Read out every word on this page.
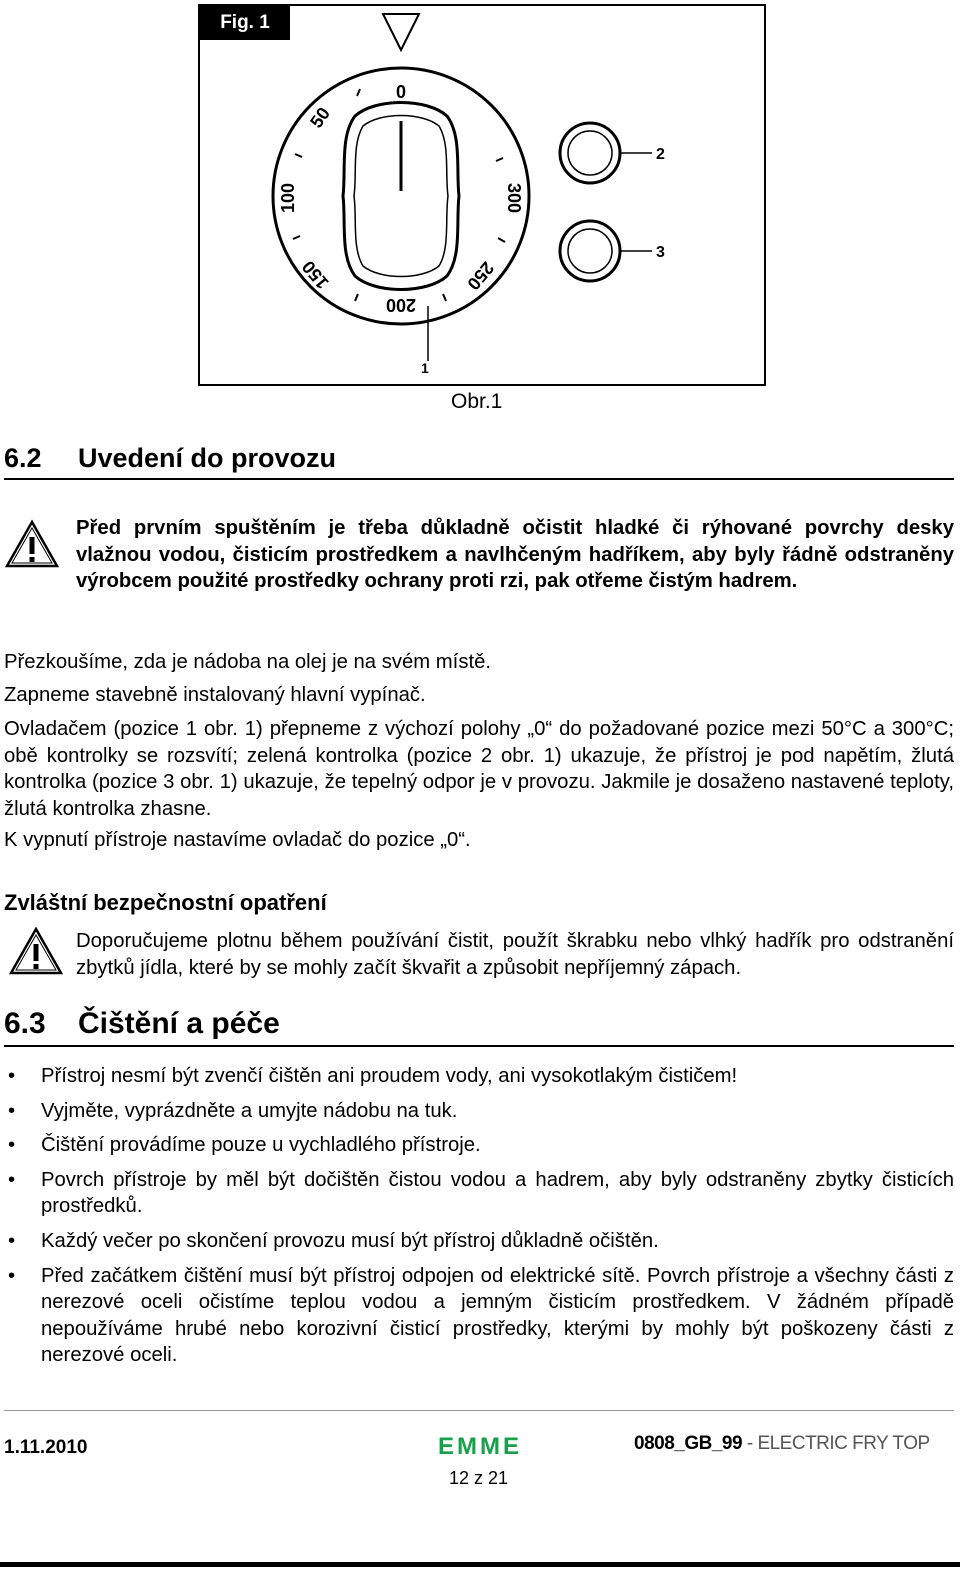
0
50
100
150
200
250
300
2
3
Fig. 1
1
Obr.1
6.2 Uvedení do provozu
Před prvním spuštěním je třeba důkladně očistit hladké či rýhované povrchy desky vlažnou vodou, čisticím prostředkem a navlhčeným hadříkem, aby byly řádně odstraněny výrobcem použité prostředky ochrany proti rzi, pak otřeme čistým hadrem.
Přezkoušíme, zda je nádoba na olej je na svém místě.
Zapneme stavebně instalovaný hlavní vypínač.
Ovladačem (pozice 1 obr. 1) přepneme z výchozí polohy „0“ do požadované pozice mezi 50°C a 300°C; obě kontrolky se rozsvítí; zelená kontrolka (pozice 2 obr. 1) ukazuje, že přístroj je pod napětím, žlutá kontrolka (pozice 3 obr. 1) ukazuje, že tepelný odpor je v provozu. Jakmile je dosaženo nastavené teploty, žlutá kontrolka zhasne.
K vypnutí přístroje nastavíme ovladač do pozice „0“.
Zvláštní bezpečnostní opatření
Doporučujeme plotnu během používání čistit, použít škrabku nebo vlhký hadřík pro odstranění zbytků jídla, které by se mohly začít škvařit a způsobit nepříjemný zápach.
6.3 Čištění a péče
• Přístroj nesmí být zvenčí čištěn ani proudem vody, ani vysokotlakým čističem!
• Vyjměte, vyprázdněte a umyjte nádobu na tuk.
• Čištění provádíme pouze u vychladlého přístroje.
• Povrch přístroje by měl být dočištěn čistou vodou a hadrem, aby byly odstraněny zbytky čisticích prostředků.
• Každý večer po skončení provozu musí být přístroj důkladně očištěn.
• Před začátkem čištění musí být přístroj odpojen od elektrické sítě. Povrch přístroje a všechny části z nerezové oceli očistíme teplou vodou a jemným čisticím prostředkem. V žádném případě nepoužíváme hrubé nebo korozivní čisticí prostředky, kterými by mohly být poškozeny části z nerezové oceli.
1.11.2010	EMME	0808_GB_99 - ELECTRIC FRY TOP
12 z 21
